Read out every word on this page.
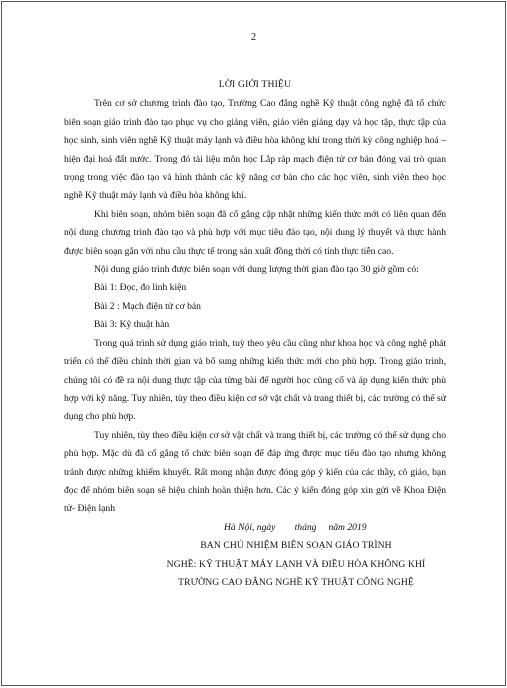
2
LỜI GIỚI THIỆU

Trên cơ sở chương trình đào tạo, Trường Cao đẳng nghề Kỹ thuật công nghệ đã tổ chức biên soạn giáo trình đào tạo phục vụ cho giảng viên, giáo viên giảng dạy và học tập, thực tập của học sinh, sinh viên nghề Kỹ thuật máy lạnh và điều hòa không khí trong thời kỳ công nghiệp hoá – hiện đại hoá đất nước. Trong đó tài liệu môn học Lắp ráp mạch điện tử cơ bản đóng vai trò quan trọng trong việc đào tạo và hình thành các kỹ năng cơ bản cho các học viên, sinh viên theo học nghề Kỹ thuật máy lạnh và điều hòa không khí.

Khi biên soạn, nhóm biên soạn đã cố gắng cập nhật những kiến thức mới có liên quan đến nội dung chương trình đào tạo và phù hợp với mục tiêu đào tạo, nội dung lý thuyết và thực hành được biên soạn gắn với nhu cầu thực tế trong sản xuất đồng thời có tính thực tiễn cao.

Nội dung giáo trình được biên soạn với dung lượng thời gian đào tạo 30 giờ gồm có:

Bài 1: Đọc, đo linh kiện

Bài 2 : Mạch điện tử cơ bản

Bài 3: Kỹ thuật hàn

Trong quá trình sử dụng giáo trình, tuỳ theo yêu cầu cũng như khoa học và công nghệ phát triển có thể điều chỉnh thời gian và bổ sung những kiến thức mới cho phù hợp. Trong giáo trình, chúng tôi có đề ra nội dung thực tập của từng bài để người học cũng cố và áp dụng kiến thức phù hợp với kỹ năng. Tuy nhiên, tùy theo điều kiện cơ sở vật chất và trang thiết bị, các trường có thể sử dụng cho phù hợp.

Tuy nhiên, tùy theo điều kiện cơ sở vật chất và trang thiết bị, các trường có thể sử dụng cho phù hợp. Mặc dù đã cố gắng tổ chức biên soạn để đáp ứng được mục tiêu đào tạo nhưng không tránh được những khiếm khuyết. Rất mong nhận được đóng góp ý kiến của các thầy, cô giáo, bạn đọc để nhóm biên soạn sẽ hiệu chỉnh hoàn thiện hơn. Các ý kiến đóng góp xin gửi về Khoa Điện tử- Điện lạnh

Hà Nội, ngày        tháng     năm 2019

BAN CHỦ NHIỆM BIÊN SOẠN GIÁO TRÌNH

NGHỀ: KỸ THUẬT MÁY LẠNH VÀ ĐIỀU HÒA KHÔNG KHÍ

TRƯỜNG CAO ĐẲNG NGHỀ KỸ THUẬT CÔNG NGHỆ
